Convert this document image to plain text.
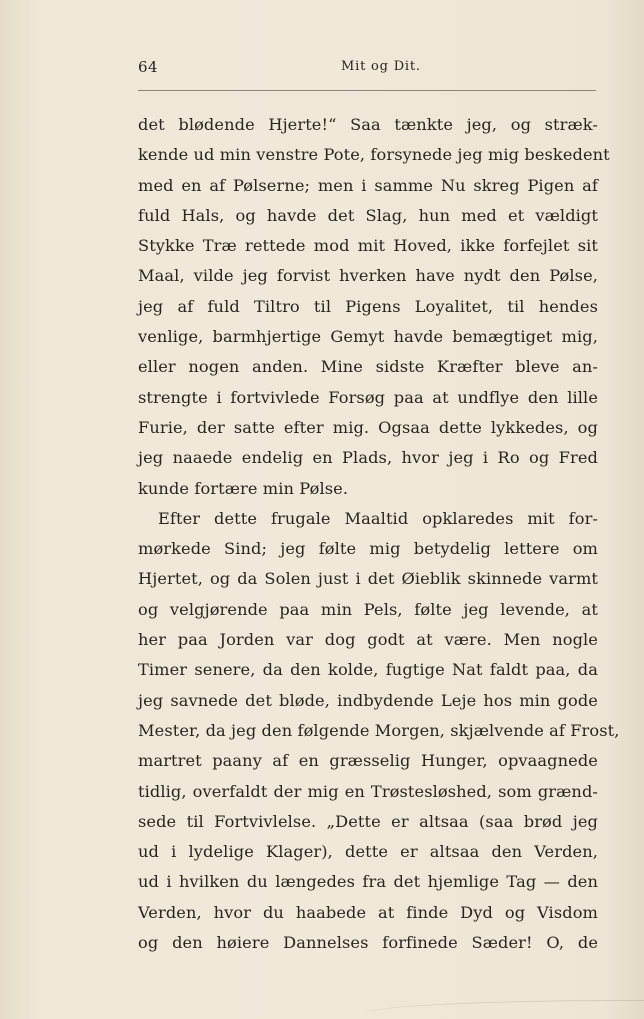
64	Mit og Dit.
det blødende Hjerte!“ Saa tænkte jeg, og stræk-
kende ud min venstre Pote, forsynede jeg mig beskedent
med en af Pølserne; men i samme Nu skreg Pigen af
fuld Hals, og havde det Slag, hun med et vældigt
Stykke Træ rettede mod mit Hoved, ikke forfejlet sit
Maal, vilde jeg forvist hverken have nydt den Pølse,
jeg af fuld Tiltro til Pigens Loyalitet, til hendes
venlige, barmhjertige Gemyt havde bemægtiget mig,
eller nogen anden. Mine sidste Kræfter bleve an-
strengte i fortvivlede Forsøg paa at undflye den lille
Furie, der satte efter mig. Ogsaa dette lykkedes, og
jeg naaede endelig en Plads, hvor jeg i Ro og Fred
kunde fortære min Pølse.
Efter dette frugale Maaltid opklaredes mit for-
mørkede Sind; jeg følte mig betydelig lettere om
Hjertet, og da Solen just i det Øieblik skinnede varmt
og velgjørende paa min Pels, følte jeg levende, at
her paa Jorden var dog godt at være. Men nogle
Timer senere, da den kolde, fugtige Nat faldt paa, da
jeg savnede det bløde, indbydende Leje hos min gode
Mester, da jeg den følgende Morgen, skjælvende af Frost,
martret paany af en græsselig Hunger, opvaagnede
tidlig, overfaldt der mig en Trøstesløshed, som grænd-
sede til Fortvivlelse. „Dette er altsaa (saa brød jeg
ud i lydelige Klager), dette er altsaa den Verden,
ud i hvilken du længedes fra det hjemlige Tag — den
Verden, hvor du haabede at finde Dyd og Visdom
og den høiere Dannelses forfinede Sæder! O, de
